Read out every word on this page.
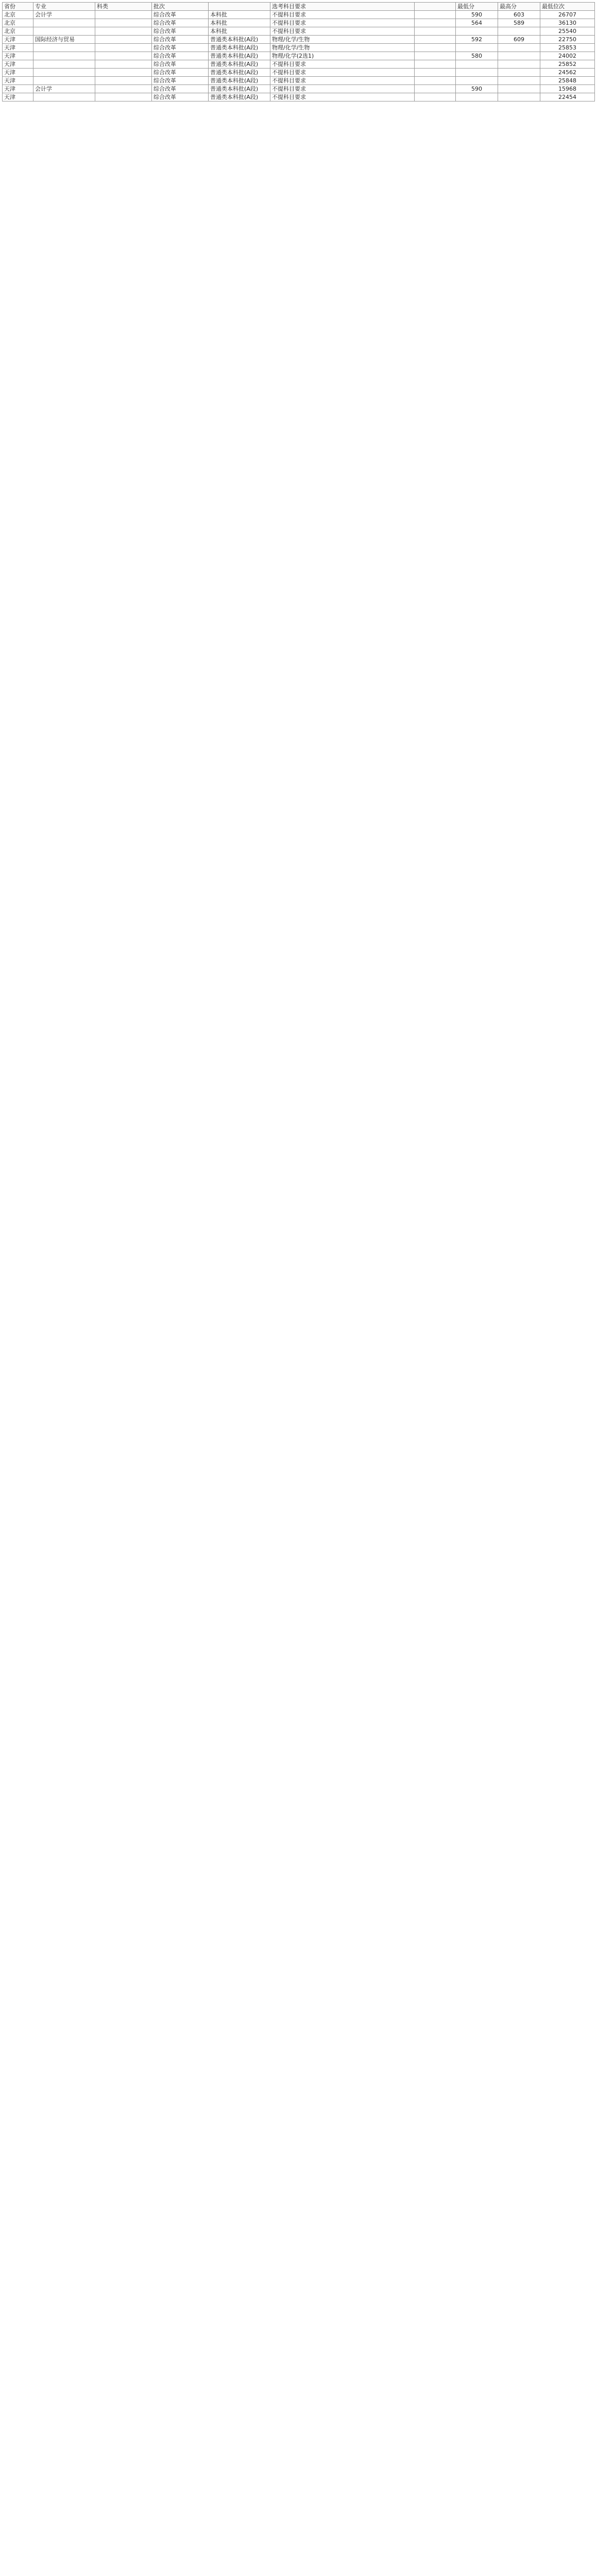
省份	专业	科类	批次		选考科目要求		最低分	最高分	最低位次
北京	会计学		综合改革	本科批	不提科目要求		590	603	26707
北京			综合改革	本科批	不提科目要求		564	589	36130
北京			综合改革	本科批	不提科目要求				25540
天津	国际经济与贸易		综合改革	普通类本科批(A段)	物理/化学/生物		592	609	22750
天津			综合改革	普通类本科批(A段)	物理/化学/生物				25853
天津			综合改革	普通类本科批(A段)	物理/化学(2选1)		580		24002
天津			综合改革	普通类本科批(A段)	不提科目要求				25852
天津			综合改革	普通类本科批(A段)	不提科目要求				24562
天津			综合改革	普通类本科批(A段)	不提科目要求				25848
天津	会计学		综合改革	普通类本科批(A段)	不提科目要求		590		15968
天津			综合改革	普通类本科批(A段)	不提科目要求				22454
